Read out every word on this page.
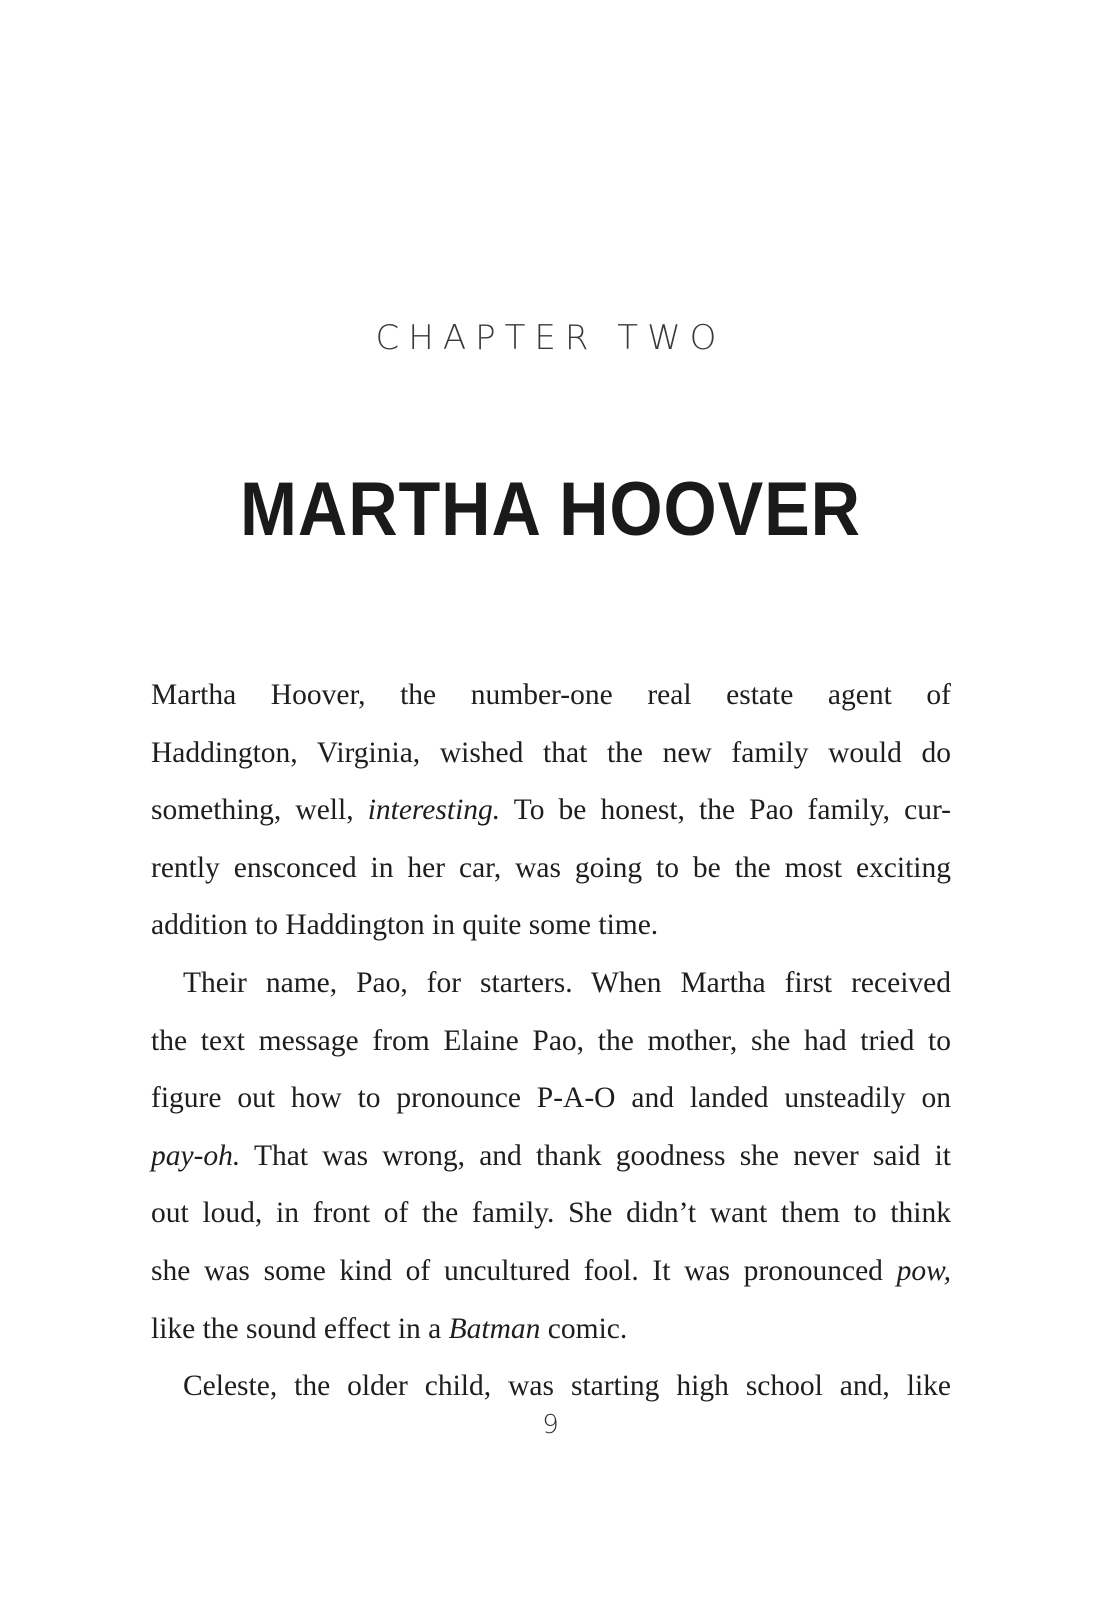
CHAPTER TWO
MARTHA HOOVER
Martha Hoover, the number-one real estate agent of
Haddington, Virginia, wished that the new family would do
something, well, interesting. To be honest, the Pao family, cur-
rently ensconced in her car, was going to be the most exciting
addition to Haddington in quite some time.
Their name, Pao, for starters. When Martha first received
the text message from Elaine Pao, the mother, she had tried to
figure out how to pronounce P-A-O and landed unsteadily on
pay-oh. That was wrong, and thank goodness she never said it
out loud, in front of the family. She didn’t want them to think
she was some kind of uncultured fool. It was pronounced pow,
like the sound effect in a Batman comic.
Celeste, the older child, was starting high school and, like
9
